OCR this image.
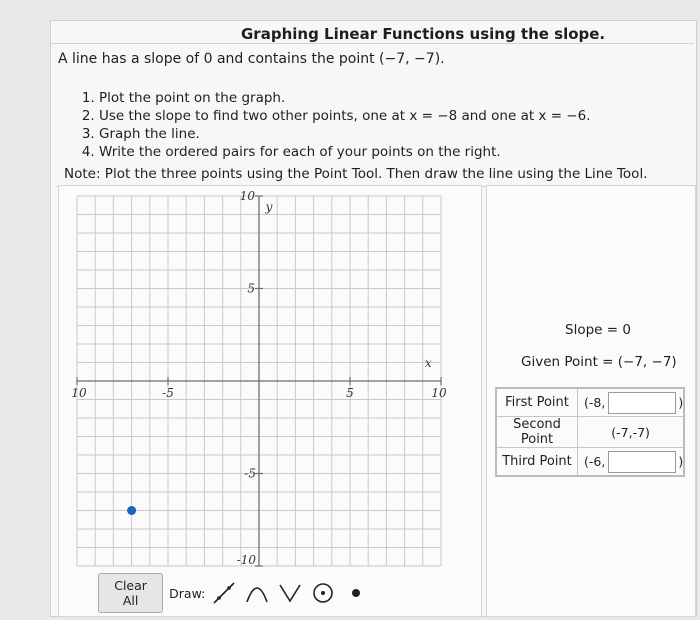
Graphing Linear Functions using the slope.
A line has a slope of 0 and contains the point (−7, −7).
1. Plot the point on the graph.
2. Use the slope to find two other points, one at x = −8 and one at x = −6.
3. Graph the line.
4. Write the ordered pairs for each of your points on the right.
Note: Plot the three points using the Point Tool. Then draw the line using the Line Tool.
10	-5	5	10
10
5
-5
-10
x
y
Slope = 0
Given Point = (−7, −7)
First Point	(-8, )

Second Point	(-7,-7)

Third Point	(-6, )
Clear All	Draw:
